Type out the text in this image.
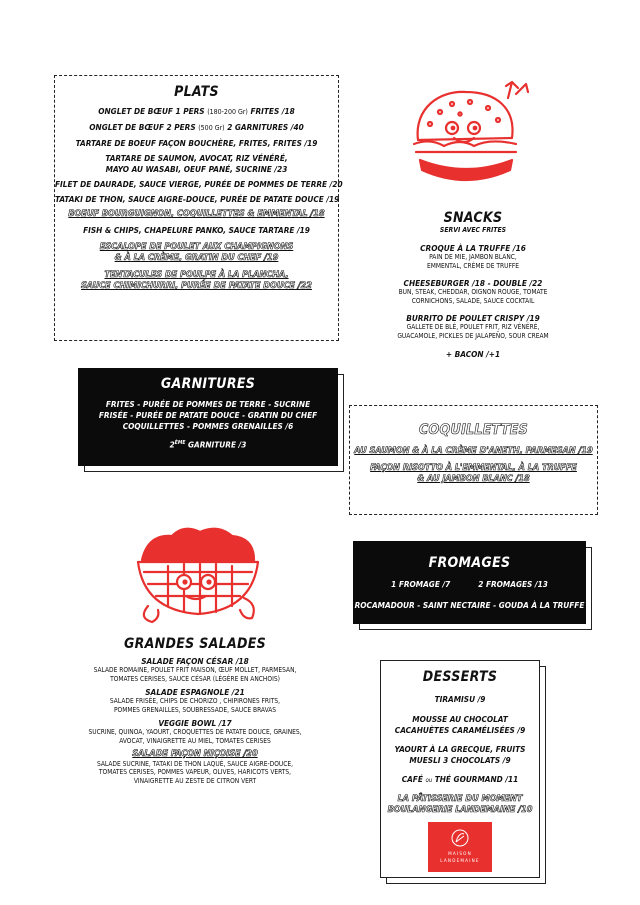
PLATS
ONGLET DE BŒUF 1 PERS (180-200 Gr) FRITES /18
ONGLET DE BŒUF 2 PERS (500 Gr) 2 GARNITURES /40
TARTARE DE BOEUF FAÇON BOUCHÈRE, FRITES, FRITES /19
TARTARE DE SAUMON, AVOCAT, RIZ VÉNÉRÉ,
MAYO AU WASABI, OEUF PANÉ, SUCRINE /23
FILET DE DAURADE, SAUCE VIERGE, PURÉE DE POMMES DE TERRE /20
TATAKI DE THON, SAUCE AIGRE-DOUCE, PURÉE DE PATATE DOUCE /19
BOEUF BOURGUIGNON, COQUILLETTES & EMMENTAL /18
FISH & CHIPS, CHAPELURE PANKO, SAUCE TARTARE /19
ESCALOPE DE POULET AUX CHAMPIGNONS
& À LA CRÈME, GRATIN DU CHEF /19
TENTACULES DE POULPE À LA PLANCHA,
SAUCE CHIMICHURRI, PURÉE DE PATATE DOUCE /22
SNACKS
SERVI AVEC FRITES
CROQUE À LA TRUFFE /16
PAIN DE MIE, JAMBON BLANC,
EMMENTAL, CRÈME DE TRUFFE
CHEESEBURGER /18 - DOUBLE /22
BUN, STEAK, CHEDDAR, OIGNON ROUGE, TOMATE
CORNICHONS, SALADE, SAUCE COCKTAIL
BURRITO DE POULET CRISPY /19
GALLETE DE BLÉ, POULET FRIT, RIZ VÉNÉRÉ,
GUACAMOLE, PICKLES DE JALAPEÑO, SOUR CREAM
+ BACON /+1
GARNITURES
FRITES - PURÉE DE POMMES DE TERRE - SUCRINE
FRISÉE - PURÉE DE PATATE DOUCE - GRATIN DU CHEF
COQUILLETTES - POMMES GRENAILLES /6
2ÈME GARNITURE /3
COQUILLETTES
AU SAUMON & À LA CRÈME D'ANETH, PARMESAN /19
FAÇON RISOTTO À L'EMMENTAL, À LA TRUFFE
& AU JAMBON BLANC /18
FROMAGES
1 FROMAGE /7	2 FROMAGES /13
ROCAMADOUR - SAINT NECTAIRE - GOUDA À LA TRUFFE
GRANDES SALADES
SALADE FAÇON CÉSAR /18
SALADE ROMAINE, POULET FRIT MAISON, ŒUF MOLLET, PARMESAN,
TOMATES CERISES, SAUCE CÉSAR (LÉGÈRE EN ANCHOIS)
SALADE ESPAGNOLE /21
SALADE FRISÉE, CHIPS DE CHORIZO , CHIPIRONES FRITS,
POMMES GRENAILLES, SOUBRESSADE, SAUCE BRAVAS
VEGGIE BOWL /17
SUCRINE, QUINOA, YAOURT, CROQUETTES DE PATATE DOUCE, GRAINES,
AVOCAT, VINAIGRETTE AU MIEL, TOMATES CERISES
SALADE FAÇON NIÇOISE /20
SALADE SUCRINE, TATAKI DE THON LAQUÉ, SAUCE AIGRE-DOUCE,
TOMATES CERISES, POMMES VAPEUR, OLIVES, HARICOTS VERTS,
VINAIGRETTE AU ZESTE DE CITRON VERT
DESSERTS
TIRAMISU /9
MOUSSE AU CHOCOLAT
CACAHUÈTES CARAMÉLISÉES /9
YAOURT À LA GRECQUE, FRUITS
MUESLI 3 CHOCOLATS /9
CAFÉ ou THÉ GOURMAND /11
LA PÂTISSERIE DU MOMENT
BOULANGERIE LANDEMAINE /10
MAISON
LANDEMAINE
